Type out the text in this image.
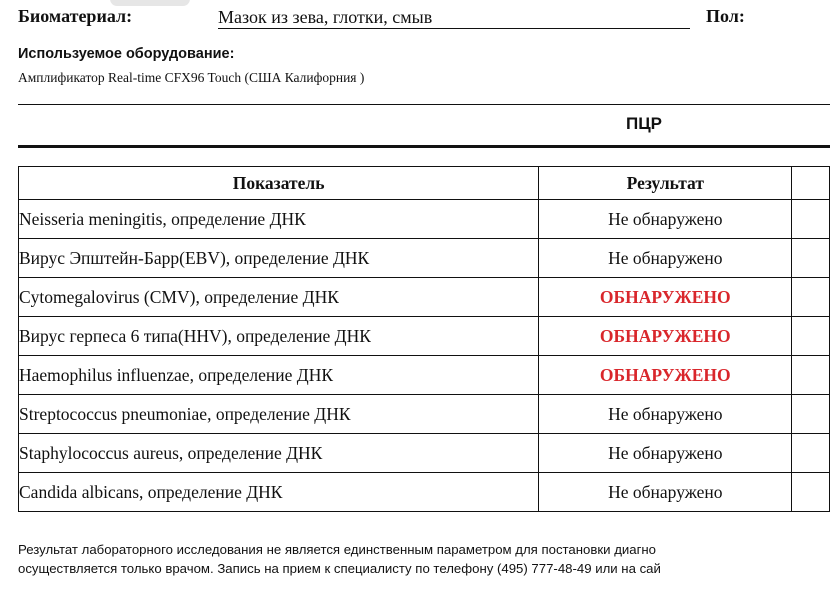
Биоматериал:	Мазок из зева, глотки, смыв	Пол:
Используемое оборудование:
Амплификатор Real-time CFX96 Touch (США Калифорния )
ПЦР
Показатель	Результат	
Neisseria meningitis, определение ДНК	Не обнаружено	
Вирус Эпштейн-Барр(EBV), определение ДНК	Не обнаружено	
Cytomegalovirus (CMV), определение ДНК	ОБНАРУЖЕНО	
Вирус герпеса 6 типа(HHV), определение ДНК	ОБНАРУЖЕНО	
Haemophilus influenzae, определение ДНК	ОБНАРУЖЕНО	
Streptococcus pneumoniae, определение ДНК	Не обнаружено	
Staphylococcus aureus, определение ДНК	Не обнаружено	
Candida albicans, определение ДНК	Не обнаружено	
Результат лабораторного исследования не является единственным параметром для постановки диагно
осуществляется только врачом. Запись на прием к специалисту по телефону (495) 777-48-49 или на сай
